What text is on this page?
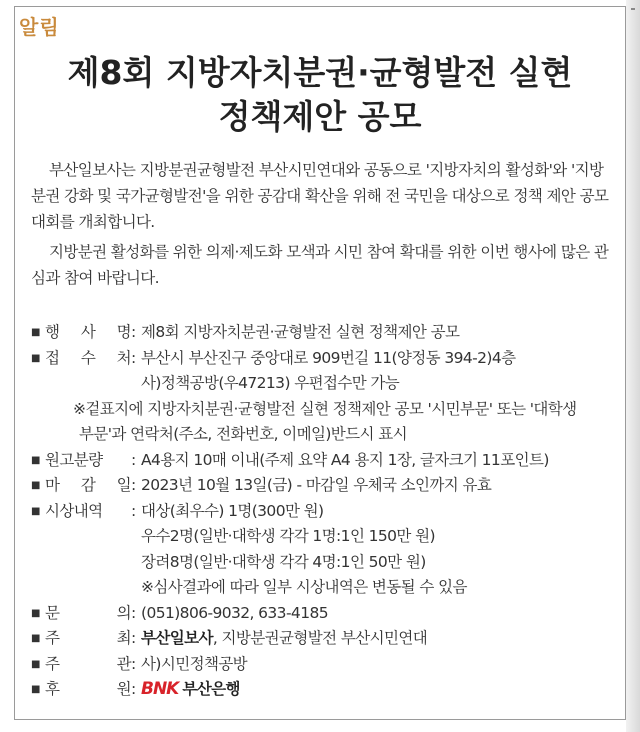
알림
제8회 지방자치분권·균형발전 실현
정책제안 공모
부산일보사는 지방분권균형발전 부산시민연대와 공동으로 '지방자치의 활성화'와 '지방분권 강화 및 국가균형발전'을 위한 공감대 확산을 위해 전 국민을 대상으로 정책 제안 공모대회를 개최합니다.
지방분권 활성화를 위한 의제·제도화 모색과 시민 참여 확대를 위한 이번 행사에 많은 관심과 참여 바랍니다.
■ 행 사 명 : 제8회 지방자치분권·균형발전 실현 정책제안 공모
■ 접 수 처 : 부산시 부산진구 중앙대로 909번길 11(양정동 394-2)4층
사)정책공방(우47213) 우편접수만 가능
※겉표지에 지방자치분권·균형발전 실현 정책제안 공모 '시민부문' 또는 '대학생
부문'과 연락처(주소, 전화번호, 이메일)반드시 표시
■ 원고분량 : A4용지 10매 이내(주제 요약 A4 용지 1장, 글자크기 11포인트)
■ 마 감 일 : 2023년 10월 13일(금) - 마감일 우체국 소인까지 유효
■ 시상내역 : 대상(최우수) 1명(300만 원)
우수2명(일반·대학생 각각 1명:1인 150만 원)
장려8명(일반·대학생 각각 4명:1인 50만 원)
※심사결과에 따라 일부 시상내역은 변동될 수 있음
■ 문	의 : (051)806-9032, 633-4185
■ 주	최 : 부산일보사, 지방분권균형발전 부산시민연대
■ 주	관 : 사)시민정책공방
■ 후	원 : BNK 부산은행
